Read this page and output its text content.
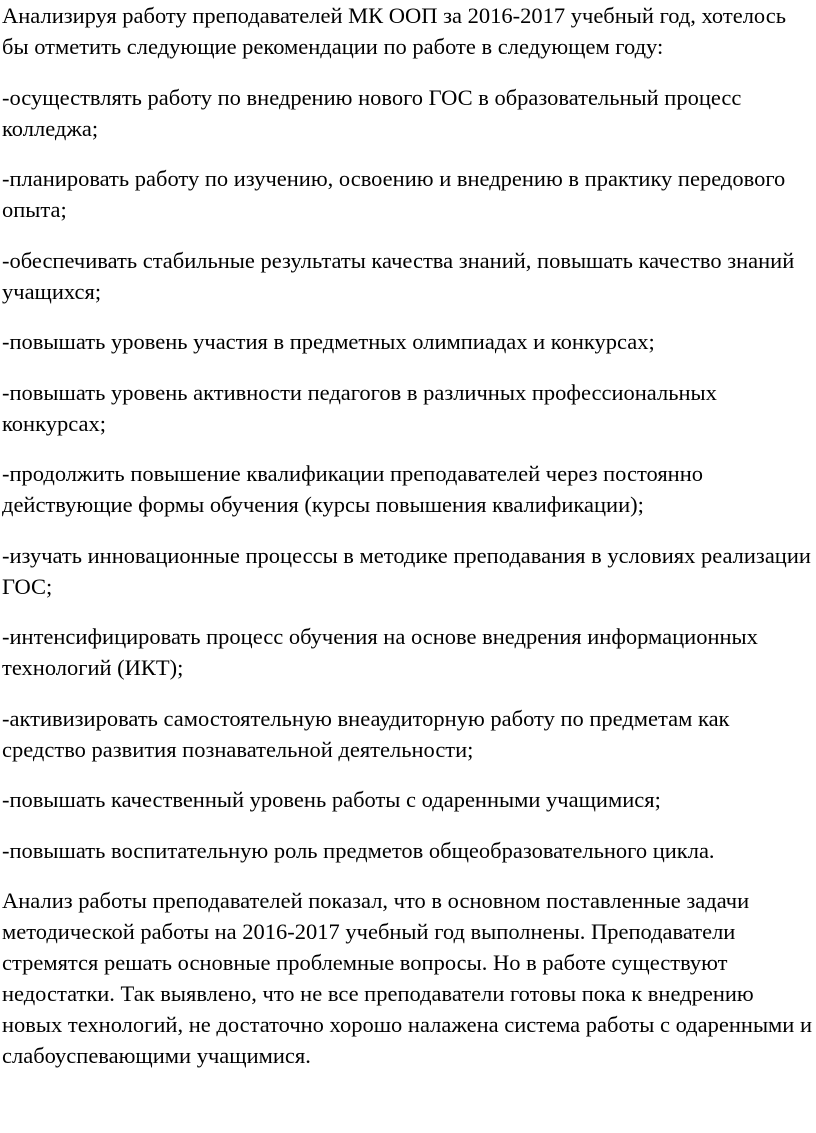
Анализируя работу преподавателей МК ООП за 2016-2017 учебный год, хотелось бы отметить следующие рекомендации по работе в следующем году:

-осуществлять работу по внедрению нового ГОС в образовательный процесс колледжа;

-планировать работу по изучению, освоению и внедрению в практику передового опыта;

-обеспечивать стабильные результаты качества знаний, повышать качество знаний учащихся;

-повышать уровень участия в предметных олимпиадах и конкурсах;

-повышать уровень активности педагогов в различных профессиональных конкурсах;

-продолжить повышение квалификации преподавателей через постоянно действующие формы обучения (курсы повышения квалификации);

-изучать инновационные процессы в методике преподавания в условиях реализации ГОС;

-интенсифицировать процесс обучения на основе внедрения информационных технологий (ИКТ);

-активизировать самостоятельную внеаудиторную работу по предметам как средство развития познавательной деятельности;

-повышать качественный уровень работы с одаренными учащимися;

-повышать воспитательную роль предметов общеобразовательного цикла.

Анализ работы преподавателей показал, что в основном поставленные задачи методической работы на 2016-2017 учебный год выполнены. Преподаватели стремятся решать основные проблемные вопросы. Но в работе существуют недостатки. Так выявлено, что не все преподаватели готовы пока к внедрению новых технологий, не достаточно хорошо налажена система работы с одаренными и слабоуспевающими учащимися.
